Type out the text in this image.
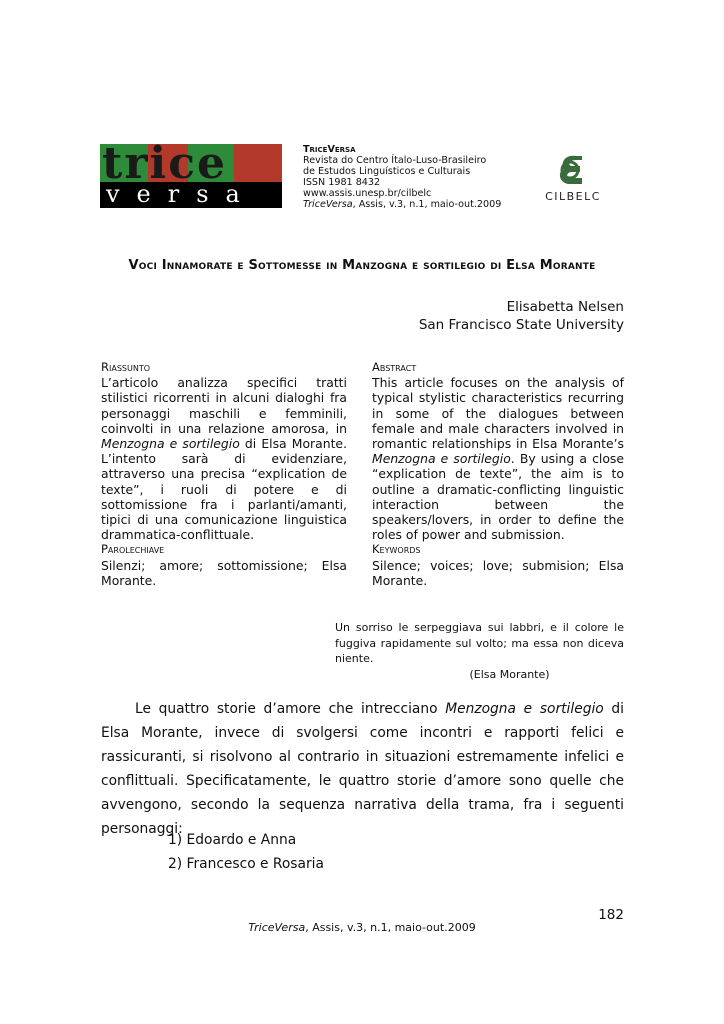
trice
versa
TriceVersa
Revista do Centro Ítalo-Luso-Brasileiro
de Estudos Linguísticos e Culturais
ISSN 1981 8432
www.assis.unesp.br/cilbelc
TriceVersa, Assis, v.3, n.1, maio-out.2009
CILBELC
Voci Innamorate e Sottomesse in Manzogna e sortilegio di Elsa Morante
Elisabetta Nelsen
San Francisco State University
Riassunto
L’articolo analizza specifici tratti stilistici ricorrenti in alcuni dialoghi fra personaggi maschili e femminili, coinvolti in una relazione amorosa, in Menzogna e sortilegio di Elsa Morante. L’intento sarà di evidenziare, attraverso una precisa “explication de texte”, i ruoli di potere e di sottomissione fra i parlanti/amanti, tipici di una comunicazione linguistica drammatica-conflittuale.
Parolechiave
Silenzi; amore; sottomissione; Elsa Morante.
Abstract
This article focuses on the analysis of typical stylistic characteristics recurring in some of the dialogues between female and male characters involved in romantic relationships in Elsa Morante’s Menzogna e sortilegio. By using a close “explication de texte”, the aim is to outline a dramatic-conflicting linguistic interaction between the speakers/lovers, in order to define the roles of power and submission.
Keywords
Silence; voices; love; submision; Elsa Morante.
Un sorriso le serpeggiava sui labbri, e il colore le fuggiva rapidamente sul volto; ma essa non diceva niente.
(Elsa Morante)

Le quattro storie d’amore che intrecciano Menzogna e sortilegio di Elsa Morante, invece di svolgersi come incontri e rapporti felici e rassicuranti, si risolvono al contrario in situazioni estremamente infelici e conflittuali. Specificatamente, le quattro storie d’amore sono quelle che avvengono, secondo la sequenza narrativa della trama, fra i seguenti personaggi:

1) Edoardo e Anna
2) Francesco e Rosaria
182
TriceVersa, Assis, v.3, n.1, maio-out.2009
